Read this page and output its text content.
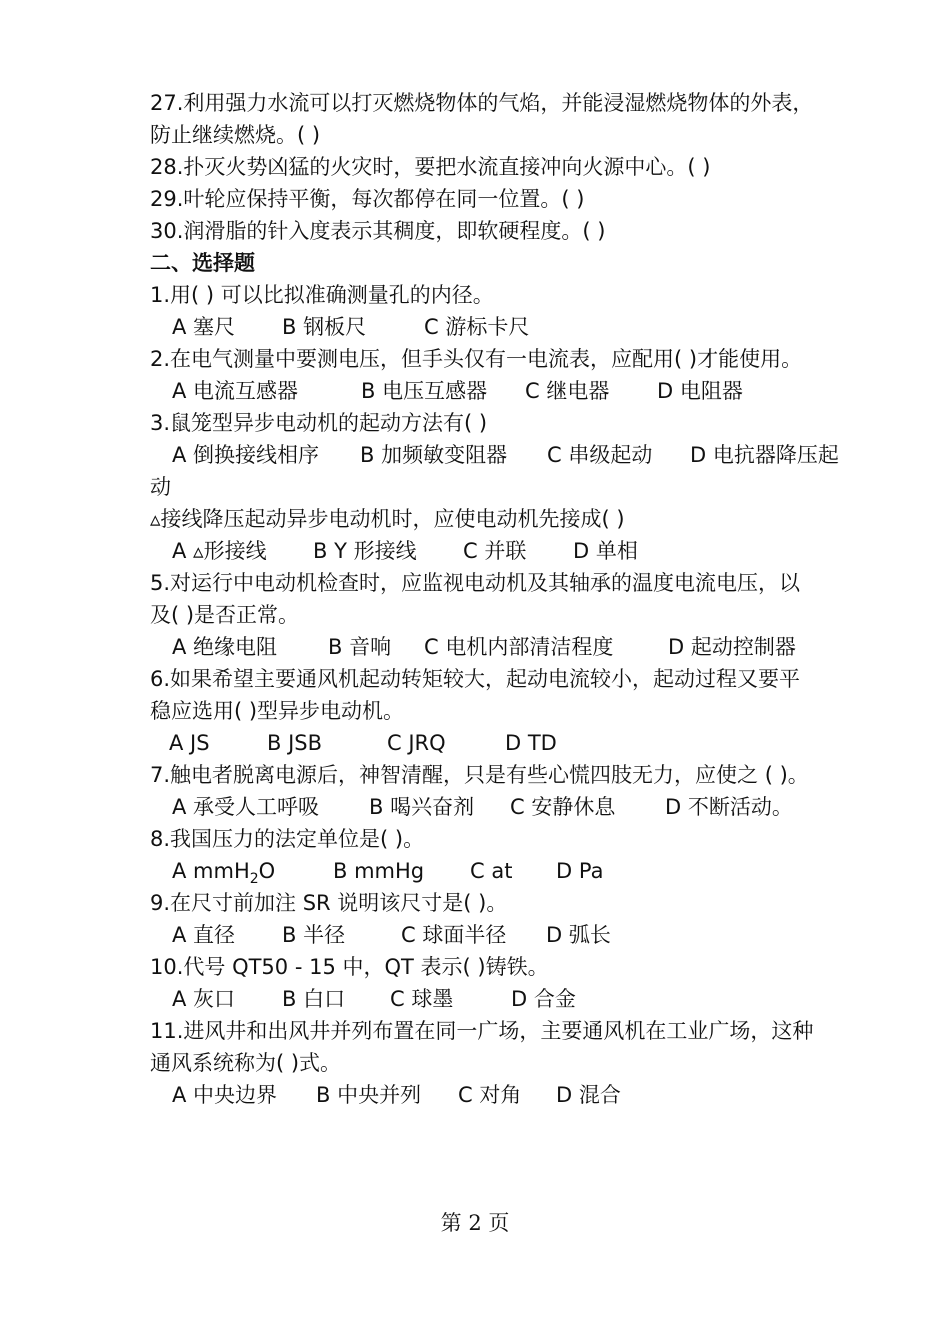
27.利用强力水流可以打灭燃烧物体的气焰，并能浸湿燃烧物体的外表，
防止继续燃烧。( )
28.扑灭火势凶猛的火灾时，要把水流直接冲向火源中心。( )
29.叶轮应保持平衡，每次都停在同一位置。( )
30.润滑脂的针入度表示其稠度，即软硬程度。( )
二、选择题
1.用( ) 可以比拟准确测量孔的内径。
A 塞尺 B 钢板尺	C 游标卡尺
2.在电气测量中要测电压，但手头仅有一电流表，应配用( )才能使用。
A 电流互感器	B 电压互感器 C 继电器 D 电阻器
3.鼠笼型异步电动机的起动方法有( )
A 倒换接线相序 B 加频敏变阻器 C 串级起动 D 电抗器降压起
动
▵接线降压起动异步电动机时，应使电动机先接成( )
A ▵形接线 B Y 形接线 C 并联 D 单相
5.对运行中电动机检查时，应监视电动机及其轴承的温度电流电压，以
及( )是否正常。
A 绝缘电阻 B 音响 C 电机内部清洁程度	D 起动控制器
6.如果希望主要通风机起动转矩较大，起动电流较小，起动过程又要平
稳应选用( )型异步电动机。
A JS	B JSB	C JRQ	D TD
7.触电者脱离电源后，神智清醒，只是有些心慌四肢无力，应使之 ( )。
A 承受人工呼吸 B 喝兴奋剂 C 安静休息 D 不断活动。
8.我国压力的法定单位是( )。
A mmH$_2$O	B mmHg C at D Pa
9.在尺寸前加注 SR 说明该尺寸是( )。
A 直径 B 半径	C 球面半径 D 弧长
10.代号 QT50 - 15 中，QT 表示( )铸铁。
A 灰口 B 白口 C 球墨	D 合金
11.进风井和出风井并列布置在同一广场，主要通风机在工业广场，这种
通风系统称为( )式。
A 中央边界 B 中央并列 C 对角 D 混合
第 2 页
